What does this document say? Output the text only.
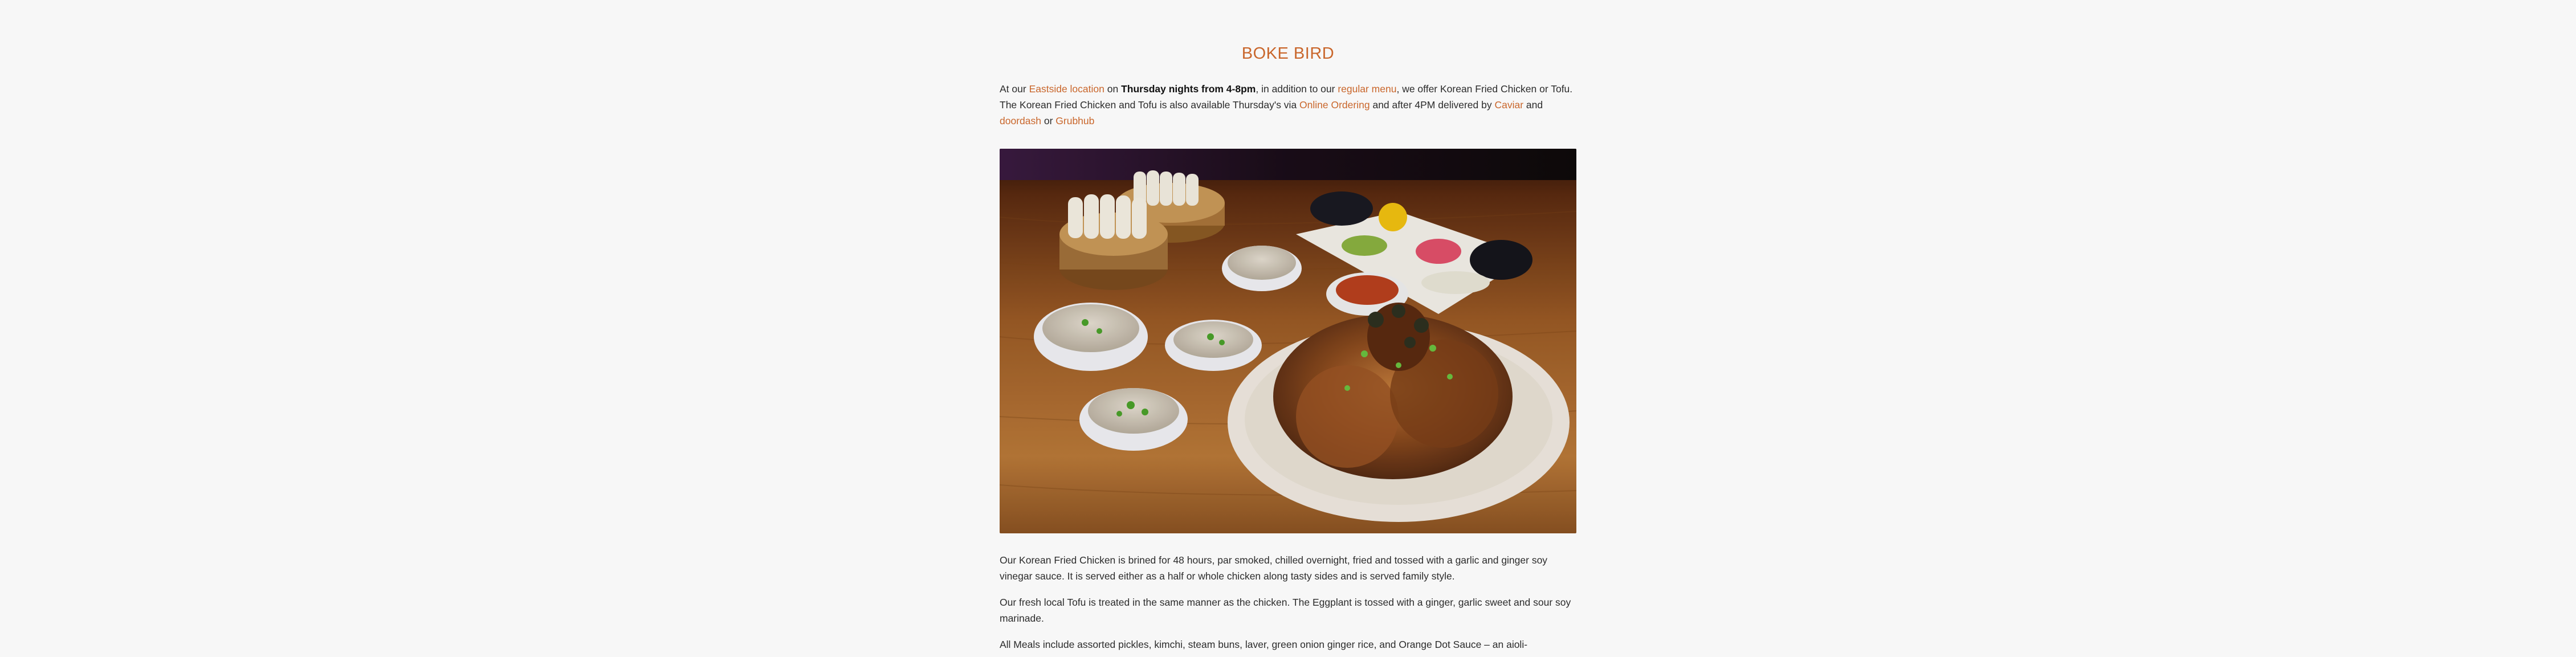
BOKE BIRD

At our Eastside location on Thursday nights from 4-8pm, in addition to our regular menu, we offer Korean Fried Chicken or Tofu. The Korean Fried Chicken and Tofu is also available Thursday's via Online Ordering and after 4PM delivered by Caviar and doordash or Grubhub

Our Korean Fried Chicken is brined for 48 hours, par smoked, chilled overnight, fried and tossed with a garlic and ginger soy vinegar sauce. It is served either as a half or whole chicken along tasty sides and is served family style.

Our fresh local Tofu is treated in the same manner as the chicken. The Eggplant is tossed with a ginger, garlic sweet and sour soy marinade.

All Meals include assorted pickles, kimchi, steam buns, laver, green onion ginger rice, and Orange Dot Sauce – an aioli-
